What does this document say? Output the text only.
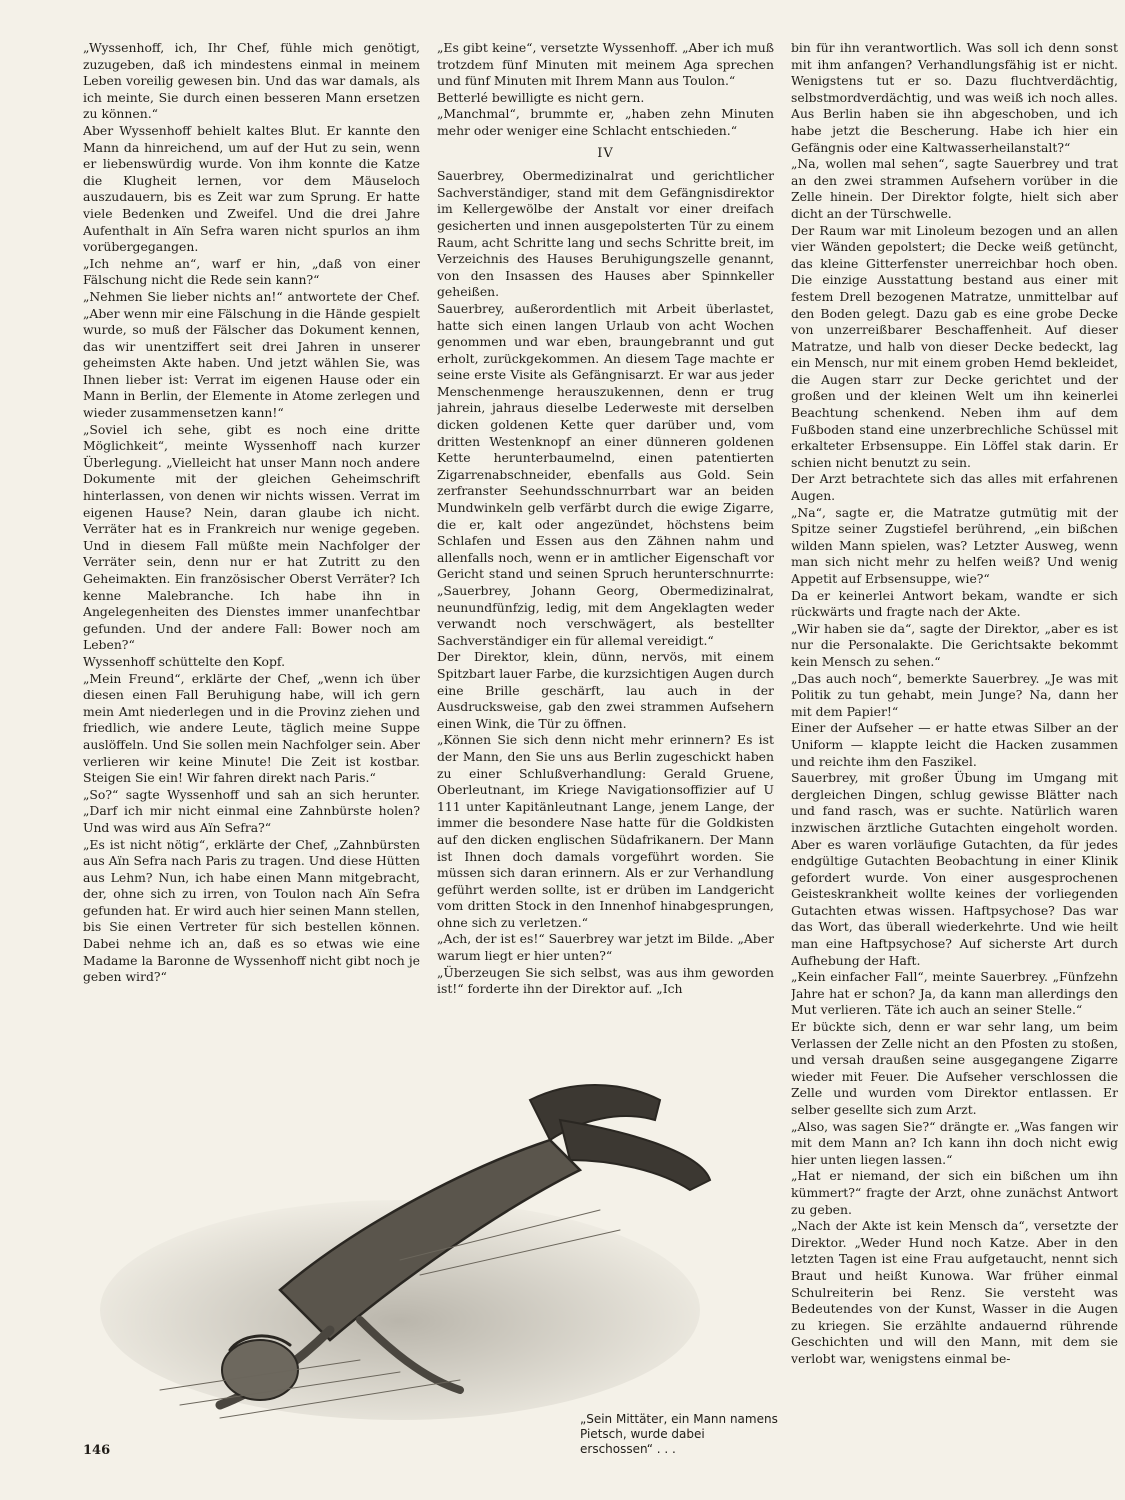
„Wyssenhoff, ich, Ihr Chef, fühle mich genötigt, zuzugeben, daß ich mindestens einmal in meinem Leben voreilig gewesen bin. Und das war damals, als ich meinte, Sie durch einen besseren Mann ersetzen zu können.“

Aber Wyssenhoff behielt kaltes Blut. Er kannte den Mann da hinreichend, um auf der Hut zu sein, wenn er liebenswürdig wurde. Von ihm konnte die Katze die Klugheit lernen, vor dem Mäuseloch auszudauern, bis es Zeit war zum Sprung. Er hatte viele Bedenken und Zweifel. Und die drei Jahre Aufenthalt in Aïn Sefra waren nicht spurlos an ihm vorübergegangen.

„Ich nehme an“, warf er hin, „daß von einer Fälschung nicht die Rede sein kann?“

„Nehmen Sie lieber nichts an!“ antwortete der Chef. „Aber wenn mir eine Fälschung in die Hände gespielt wurde, so muß der Fälscher das Dokument kennen, das wir unentziffert seit drei Jahren in unserer geheimsten Akte haben. Und jetzt wählen Sie, was Ihnen lieber ist: Verrat im eigenen Hause oder ein Mann in Berlin, der Elemente in Atome zerlegen und wieder zusammensetzen kann!“

„Soviel ich sehe, gibt es noch eine dritte Möglichkeit“, meinte Wyssenhoff nach kurzer Überlegung. „Vielleicht hat unser Mann noch andere Dokumente mit der gleichen Geheimschrift hinterlassen, von denen wir nichts wissen. Verrat im eigenen Hause? Nein, daran glaube ich nicht. Verräter hat es in Frankreich nur wenige gegeben. Und in diesem Fall müßte mein Nachfolger der Verräter sein, denn nur er hat Zutritt zu den Geheimakten. Ein französischer Oberst Verräter? Ich kenne Malebranche. Ich habe ihn in Angelegenheiten des Dienstes immer unanfechtbar gefunden. Und der andere Fall: Bower noch am Leben?“

Wyssenhoff schüttelte den Kopf.

„Mein Freund“, erklärte der Chef, „wenn ich über diesen einen Fall Beruhigung habe, will ich gern mein Amt niederlegen und in die Provinz ziehen und friedlich, wie andere Leute, täglich meine Suppe auslöffeln. Und Sie sollen mein Nachfolger sein. Aber verlieren wir keine Minute! Die Zeit ist kostbar. Steigen Sie ein! Wir fahren direkt nach Paris.“

„So?“ sagte Wyssenhoff und sah an sich herunter. „Darf ich mir nicht einmal eine Zahnbürste holen? Und was wird aus Aïn Sefra?“

„Es ist nicht nötig“, erklärte der Chef, „Zahnbürsten aus Aïn Sefra nach Paris zu tragen. Und diese Hütten aus Lehm? Nun, ich habe einen Mann mitgebracht, der, ohne sich zu irren, von Toulon nach Aïn Sefra gefunden hat. Er wird auch hier seinen Mann stellen, bis Sie einen Vertreter für sich bestellen können. Dabei nehme ich an, daß es so etwas wie eine Madame la Baronne de Wyssenhoff nicht gibt noch je geben wird?“

„Es gibt keine“, versetzte Wyssenhoff. „Aber ich muß trotzdem fünf Minuten mit meinem Aga sprechen und fünf Minuten mit Ihrem Mann aus Toulon.“

Betterlé bewilligte es nicht gern.

„Manchmal“, brummte er, „haben zehn Minuten mehr oder weniger eine Schlacht entschieden.“

IV

Sauerbrey, Obermedizinalrat und gerichtlicher Sachverständiger, stand mit dem Gefängnisdirektor im Kellergewölbe der Anstalt vor einer dreifach gesicherten und innen ausgepolsterten Tür zu einem Raum, acht Schritte lang und sechs Schritte breit, im Verzeichnis des Hauses Beruhigungszelle genannt, von den Insassen des Hauses aber Spinnkeller geheißen.

Sauerbrey, außerordentlich mit Arbeit überlastet, hatte sich einen langen Urlaub von acht Wochen genommen und war eben, braungebrannt und gut erholt, zurückgekommen. An diesem Tage machte er seine erste Visite als Gefängnisarzt. Er war aus jeder Menschenmenge herauszukennen, denn er trug jahrein, jahraus dieselbe Lederweste mit derselben dicken goldenen Kette quer darüber und, vom dritten Westenknopf an einer dünneren goldenen Kette herunterbaumelnd, einen patentierten Zigarrenabschneider, ebenfalls aus Gold. Sein zerfranster Seehundsschnurrbart war an beiden Mundwinkeln gelb verfärbt durch die ewige Zigarre, die er, kalt oder angezündet, höchstens beim Schlafen und Essen aus den Zähnen nahm und allenfalls noch, wenn er in amtlicher Eigenschaft vor Gericht stand und seinen Spruch herunterschnurrte: „Sauerbrey, Johann Georg, Obermedizinalrat, neunundfünfzig, ledig, mit dem Angeklagten weder verwandt noch verschwägert, als bestellter Sachverständiger ein für allemal vereidigt.“

Der Direktor, klein, dünn, nervös, mit einem Spitzbart lauer Farbe, die kurzsichtigen Augen durch eine Brille geschärft, lau auch in der Ausdrucksweise, gab den zwei strammen Aufsehern einen Wink, die Tür zu öffnen.

„Können Sie sich denn nicht mehr erinnern? Es ist der Mann, den Sie uns aus Berlin zugeschickt haben zu einer Schlußverhandlung: Gerald Gruene, Oberleutnant, im Kriege Navigationsoffizier auf U 111 unter Kapitänleutnant Lange, jenem Lange, der immer die besondere Nase hatte für die Goldkisten auf den dicken englischen Südafrikanern. Der Mann ist Ihnen doch damals vorgeführt worden. Sie müssen sich daran erinnern. Als er zur Verhandlung geführt werden sollte, ist er drüben im Landgericht vom dritten Stock in den Innenhof hinabgesprungen, ohne sich zu verletzen.“

„Ach, der ist es!“ Sauerbrey war jetzt im Bilde. „Aber warum liegt er hier unten?“

„Überzeugen Sie sich selbst, was aus ihm geworden ist!“ forderte ihn der Direktor auf. „Ich

bin für ihn verantwortlich. Was soll ich denn sonst mit ihm anfangen? Verhandlungsfähig ist er nicht. Wenigstens tut er so. Dazu fluchtverdächtig, selbstmordverdächtig, und was weiß ich noch alles. Aus Berlin haben sie ihn abgeschoben, und ich habe jetzt die Bescherung. Habe ich hier ein Gefängnis oder eine Kaltwasserheilanstalt?“

„Na, wollen mal sehen“, sagte Sauerbrey und trat an den zwei strammen Aufsehern vorüber in die Zelle hinein. Der Direktor folgte, hielt sich aber dicht an der Türschwelle.

Der Raum war mit Linoleum bezogen und an allen vier Wänden gepolstert; die Decke weiß getüncht, das kleine Gitterfenster unerreichbar hoch oben. Die einzige Ausstattung bestand aus einer mit festem Drell bezogenen Matratze, unmittelbar auf den Boden gelegt. Dazu gab es eine grobe Decke von unzerreißbarer Beschaffenheit. Auf dieser Matratze, und halb von dieser Decke bedeckt, lag ein Mensch, nur mit einem groben Hemd bekleidet, die Augen starr zur Decke gerichtet und der großen und der kleinen Welt um ihn keinerlei Beachtung schenkend. Neben ihm auf dem Fußboden stand eine unzerbrechliche Schüssel mit erkalteter Erbsensuppe. Ein Löffel stak darin. Er schien nicht benutzt zu sein.

Der Arzt betrachtete sich das alles mit erfahrenen Augen.

„Na“, sagte er, die Matratze gutmütig mit der Spitze seiner Zugstiefel berührend, „ein bißchen wilden Mann spielen, was? Letzter Ausweg, wenn man sich nicht mehr zu helfen weiß? Und wenig Appetit auf Erbsensuppe, wie?“

Da er keinerlei Antwort bekam, wandte er sich rückwärts und fragte nach der Akte.

„Wir haben sie da“, sagte der Direktor, „aber es ist nur die Personalakte. Die Gerichtsakte bekommt kein Mensch zu sehen.“

„Das auch noch“, bemerkte Sauerbrey. „Je was mit Politik zu tun gehabt, mein Junge? Na, dann her mit dem Papier!“

Einer der Aufseher — er hatte etwas Silber an der Uniform — klappte leicht die Hacken zusammen und reichte ihm den Faszikel.

Sauerbrey, mit großer Übung im Umgang mit dergleichen Dingen, schlug gewisse Blätter nach und fand rasch, was er suchte. Natürlich waren inzwischen ärztliche Gutachten eingeholt worden. Aber es waren vorläufige Gutachten, da für jedes endgültige Gutachten Beobachtung in einer Klinik gefordert wurde. Von einer ausgesprochenen Geisteskrankheit wollte keines der vorliegenden Gutachten etwas wissen. Haftpsychose? Das war das Wort, das überall wiederkehrte. Und wie heilt man eine Haftpsychose? Auf sicherste Art durch Aufhebung der Haft.

„Kein einfacher Fall“, meinte Sauerbrey. „Fünfzehn Jahre hat er schon? Ja, da kann man allerdings den Mut verlieren. Täte ich auch an seiner Stelle.“

Er bückte sich, denn er war sehr lang, um beim Verlassen der Zelle nicht an den Pfosten zu stoßen, und versah draußen seine ausgegangene Zigarre wieder mit Feuer. Die Aufseher verschlossen die Zelle und wurden vom Direktor entlassen. Er selber gesellte sich zum Arzt.

„Also, was sagen Sie?“ drängte er. „Was fangen wir mit dem Mann an? Ich kann ihn doch nicht ewig hier unten liegen lassen.“

„Hat er niemand, der sich ein bißchen um ihn kümmert?“ fragte der Arzt, ohne zunächst Antwort zu geben.

„Nach der Akte ist kein Mensch da“, versetzte der Direktor. „Weder Hund noch Katze. Aber in den letzten Tagen ist eine Frau aufgetaucht, nennt sich Braut und heißt Kunowa. War früher einmal Schulreiterin bei Renz. Sie versteht was Bedeutendes von der Kunst, Wasser in die Augen zu kriegen. Sie erzählte andauernd rührende Geschichten und will den Mann, mit dem sie verlobt war, wenigstens einmal be-

„Sein Mittäter, ein Mann namens Pietsch, wurde dabei erschossen“ . . .
146
